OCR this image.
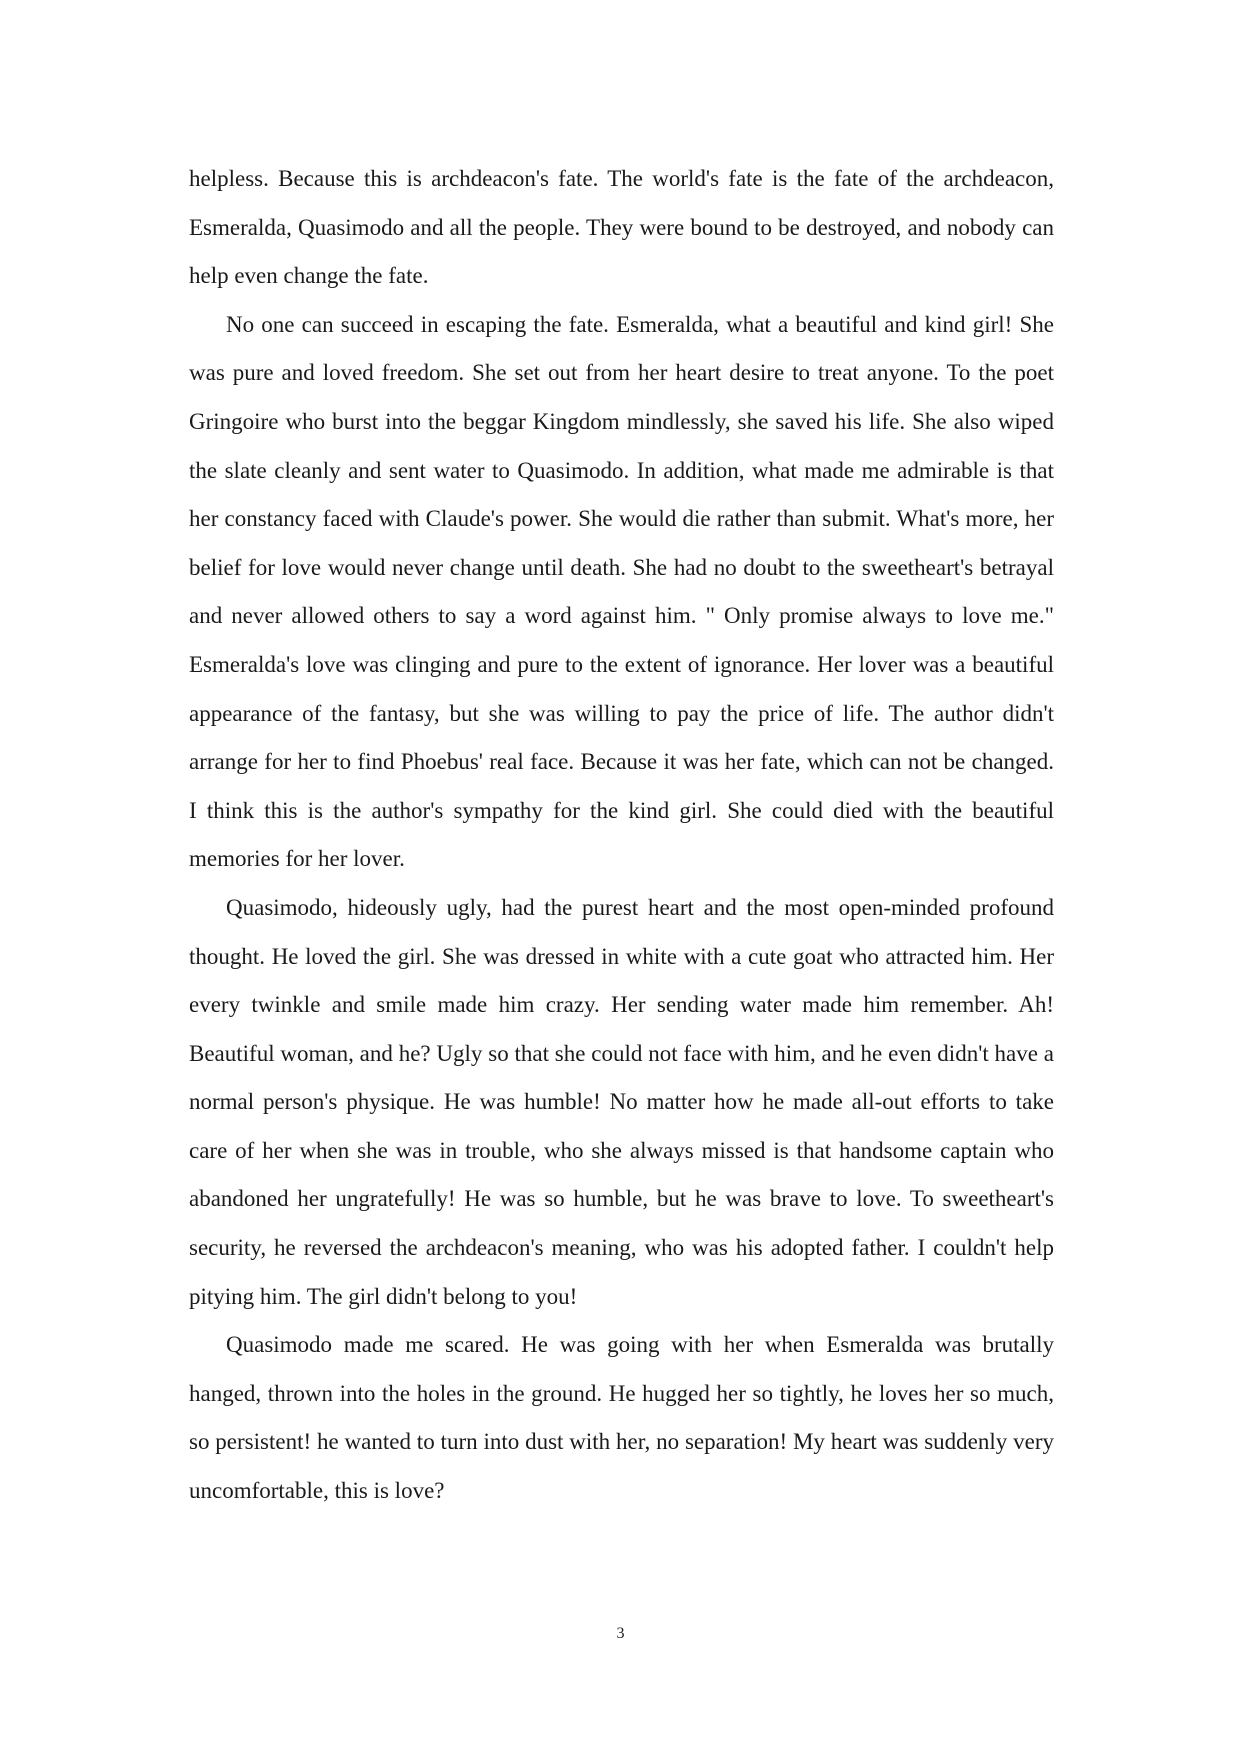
helpless. Because this is archdeacon's fate. The world's fate is the fate of the archdeacon, Esmeralda, Quasimodo and all the people. They were bound to be destroyed, and nobody can help even change the fate.

No one can succeed in escaping the fate. Esmeralda, what a beautiful and kind girl! She was pure and loved freedom. She set out from her heart desire to treat anyone. To the poet Gringoire who burst into the beggar Kingdom mindlessly, she saved his life. She also wiped the slate cleanly and sent water to Quasimodo. In addition, what made me admirable is that her constancy faced with Claude's power. She would die rather than submit. What's more, her belief for love would never change until death. She had no doubt to the sweetheart's betrayal and never allowed others to say a word against him. " Only promise always to love me." Esmeralda's love was clinging and pure to the extent of ignorance. Her lover was a beautiful appearance of the fantasy, but she was willing to pay the price of life. The author didn't arrange for her to find Phoebus' real face. Because it was her fate, which can not be changed. I think this is the author's sympathy for the kind girl. She could died with the beautiful memories for her lover.

Quasimodo, hideously ugly, had the purest heart and the most open-minded profound thought. He loved the girl. She was dressed in white with a cute goat who attracted him. Her every twinkle and smile made him crazy. Her sending water made him remember. Ah! Beautiful woman, and he? Ugly so that she could not face with him, and he even didn't have a normal person's physique. He was humble! No matter how he made all-out efforts to take care of her when she was in trouble, who she always missed is that handsome captain who abandoned her ungratefully! He was so humble, but he was brave to love. To sweetheart's security, he reversed the archdeacon's meaning, who was his adopted father. I couldn't help pitying him. The girl didn't belong to you!

Quasimodo made me scared. He was going with her when Esmeralda was brutally hanged, thrown into the holes in the ground. He hugged her so tightly, he loves her so much, so persistent! he wanted to turn into dust with her, no separation! My heart was suddenly very uncomfortable, this is love?

3
